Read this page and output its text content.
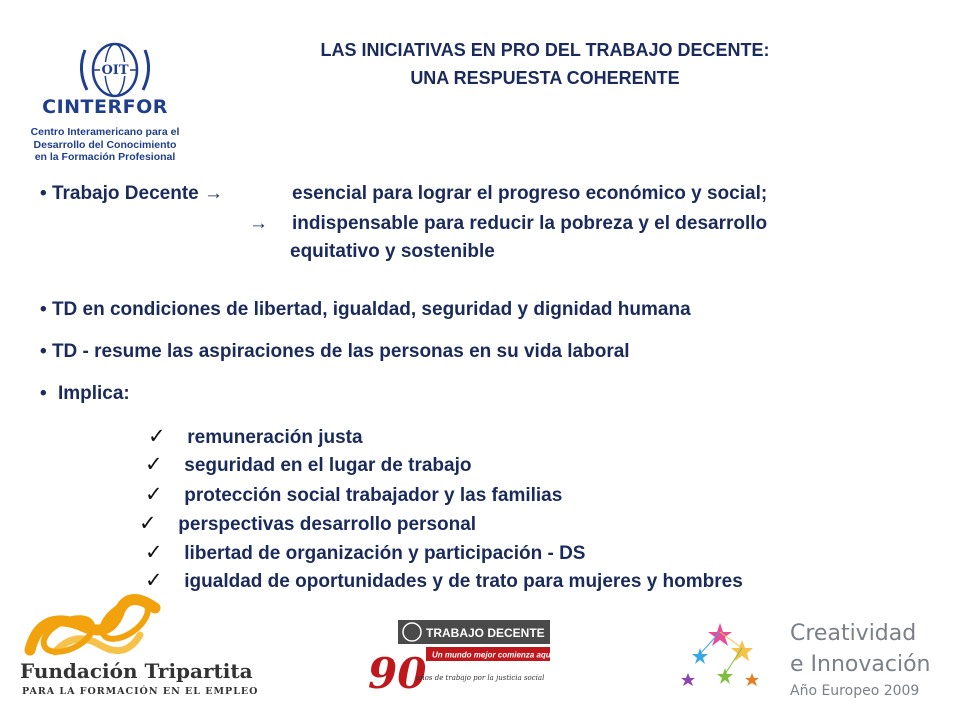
OIT
CINTERFOR
Centro Interamericano para el
Desarrollo del Conocimiento
en la Formación Profesional
LAS INICIATIVAS EN PRO DEL TRABAJO DECENTE:
UNA RESPUESTA COHERENTE
• Trabajo Decente →	esencial para lograr el progreso económico y social;
→ indispensable para reducir la pobreza y el desarrollo
equitativo y sostenible
• TD en condiciones de libertad, igualdad, seguridad y dignidad humana
• TD - resume las aspiraciones de las personas en su vida laboral
• Implica:
✓ remuneración justa
✓ seguridad en el lugar de trabajo
✓ protección social trabajador y las familias
✓ perspectivas desarrollo personal
✓ libertad de organización y participación - DS
✓ igualdad de oportunidades y de trato para mujeres y hombres
Fundación Tripartita
PARA LA FORMACIÓN EN EL EMPLEO
TRABAJO DECENTE
Un mundo mejor comienza aquí
90
años de trabajo por la justicia social
Creatividad
e Innovación
Año Europeo 2009
